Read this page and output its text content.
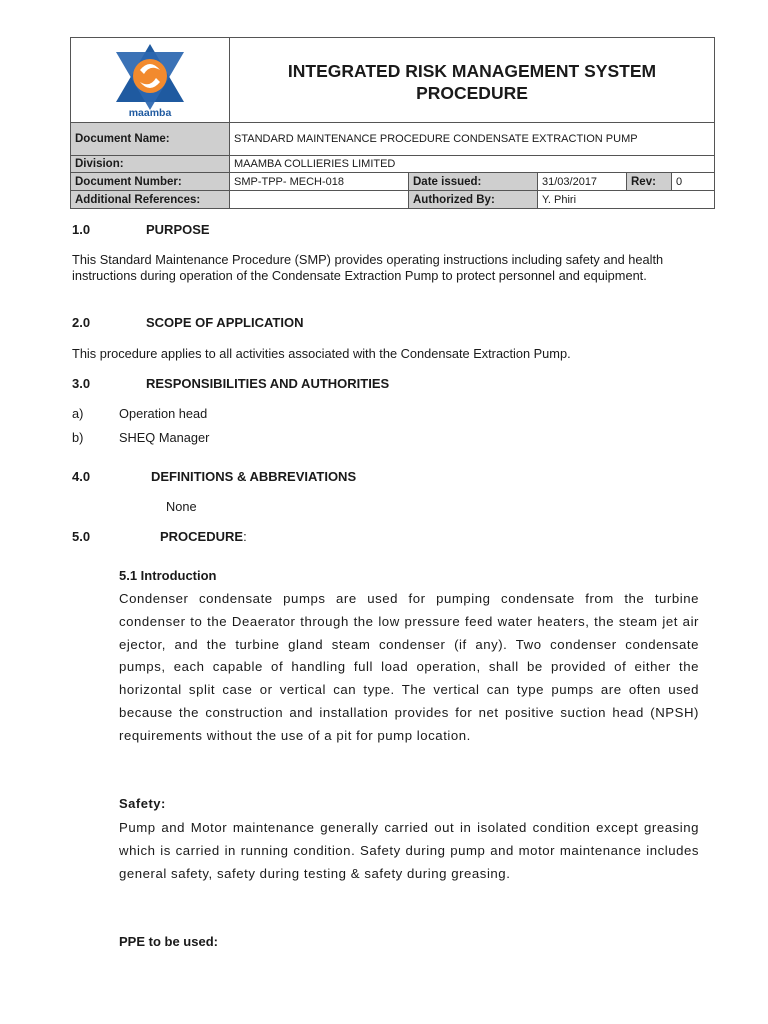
maamba	INTEGRATED RISK MANAGEMENT SYSTEM
PROCEDURE				

Document Name:	STANDARD MAINTENANCE PROCEDURE CONDENSATE EXTRACTION PUMP				
Division:	MAAMBA COLLIERIES LIMITED				
Document Number:	SMP-TPP- MECH-018	Date issued:	31/03/2017	Rev:	0
Additional References:		Authorized By:	Y. Phiri		
1.0	PURPOSE
This Standard Maintenance Procedure (SMP) provides operating instructions including safety and health instructions during operation of the Condensate Extraction Pump to protect personnel and equipment.
2.0	SCOPE OF APPLICATION
This procedure applies to all activities associated with the Condensate Extraction Pump.
3.0	RESPONSIBILITIES AND AUTHORITIES
a)	Operation head
b)	SHEQ Manager
4.0	DEFINITIONS & ABBREVIATIONS
None
5.0	PROCEDURE:
5.1 Introduction
Condenser condensate pumps are used for pumping condensate from the turbine condenser to the Deaerator through the low pressure feed water heaters, the steam jet air ejector, and the turbine gland steam condenser (if any). Two condenser condensate pumps, each capable of handling full load operation, shall be provided of either the horizontal split case or vertical can type. The vertical can type pumps are often used because the construction and installation provides for net positive suction head (NPSH) requirements without the use of a pit for pump location.
Safety:
Pump and Motor maintenance generally carried out in isolated condition except greasing which is carried in running condition. Safety during pump and motor maintenance includes general safety, safety during testing & safety during greasing.
PPE to be used:
